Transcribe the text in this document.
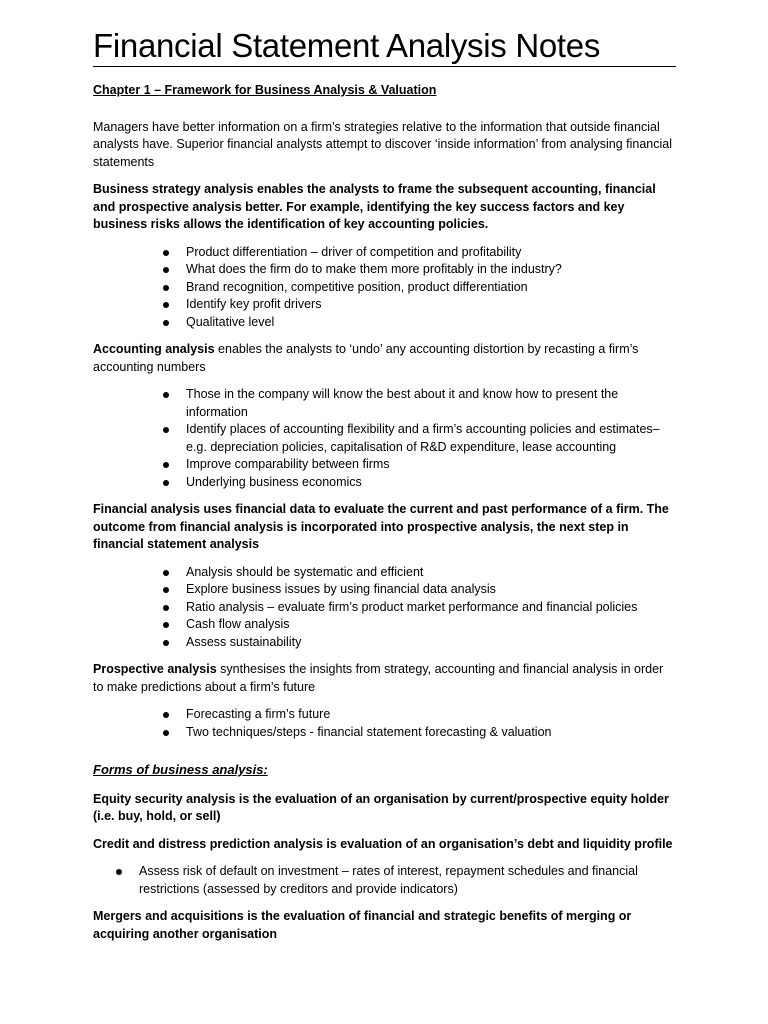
Financial Statement Analysis Notes
Chapter 1 – Framework for Business Analysis & Valuation

Managers have better information on a firm’s strategies relative to the information that outside financial analysts have. Superior financial analysts attempt to discover ‘inside information’ from analysing financial statements

Business strategy analysis enables the analysts to frame the subsequent accounting, financial and prospective analysis better. For example, identifying the key success factors and key business risks allows the identification of key accounting policies.

Product differentiation – driver of competition and profitability
What does the firm do to make them more profitably in the industry?
Brand recognition, competitive position, product differentiation
Identify key profit drivers
Qualitative level

Accounting analysis enables the analysts to ‘undo’ any accounting distortion by recasting a firm’s accounting numbers

Those in the company will know the best about it and know how to present the information
Identify places of accounting flexibility and a firm’s accounting policies and estimates– e.g. depreciation policies, capitalisation of R&D expenditure, lease accounting
Improve comparability between firms
Underlying business economics

Financial analysis uses financial data to evaluate the current and past performance of a firm. The outcome from financial analysis is incorporated into prospective analysis, the next step in financial statement analysis

Analysis should be systematic and efficient
Explore business issues by using financial data analysis
Ratio analysis – evaluate firm’s product market performance and financial policies
Cash flow analysis
Assess sustainability

Prospective analysis synthesises the insights from strategy, accounting and financial analysis in order to make predictions about a firm’s future

Forecasting a firm’s future
Two techniques/steps - financial statement forecasting & valuation
Forms of business analysis:

Equity security analysis is the evaluation of an organisation by current/prospective equity holder (i.e. buy, hold, or sell)

Credit and distress prediction analysis is evaluation of an organisation’s debt and liquidity profile

Assess risk of default on investment – rates of interest, repayment schedules and financial restrictions (assessed by creditors and provide indicators)

Mergers and acquisitions is the evaluation of financial and strategic benefits of merging or acquiring another organisation
